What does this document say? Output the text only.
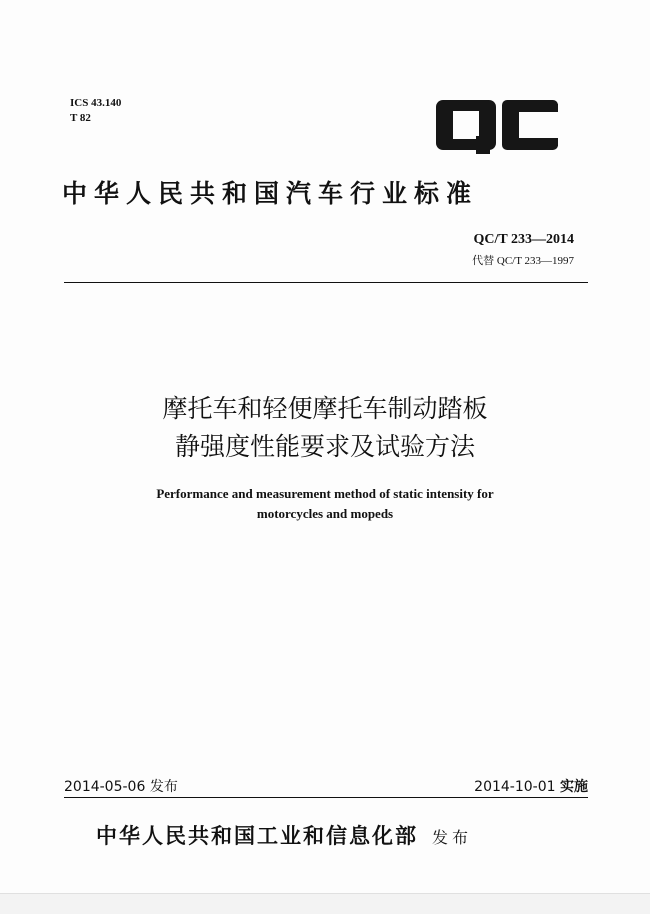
ICS 43.140
T 82
中华人民共和国汽车行业标准
QC/T 233—2014
代替 QC/T 233—1997
摩托车和轻便摩托车制动踏板
静强度性能要求及试验方法
Performance and measurement method of static intensity for
motorcycles and mopeds
2014-05-06 发布	2014-10-01 实施
中华人民共和国工业和信息化部 发布
